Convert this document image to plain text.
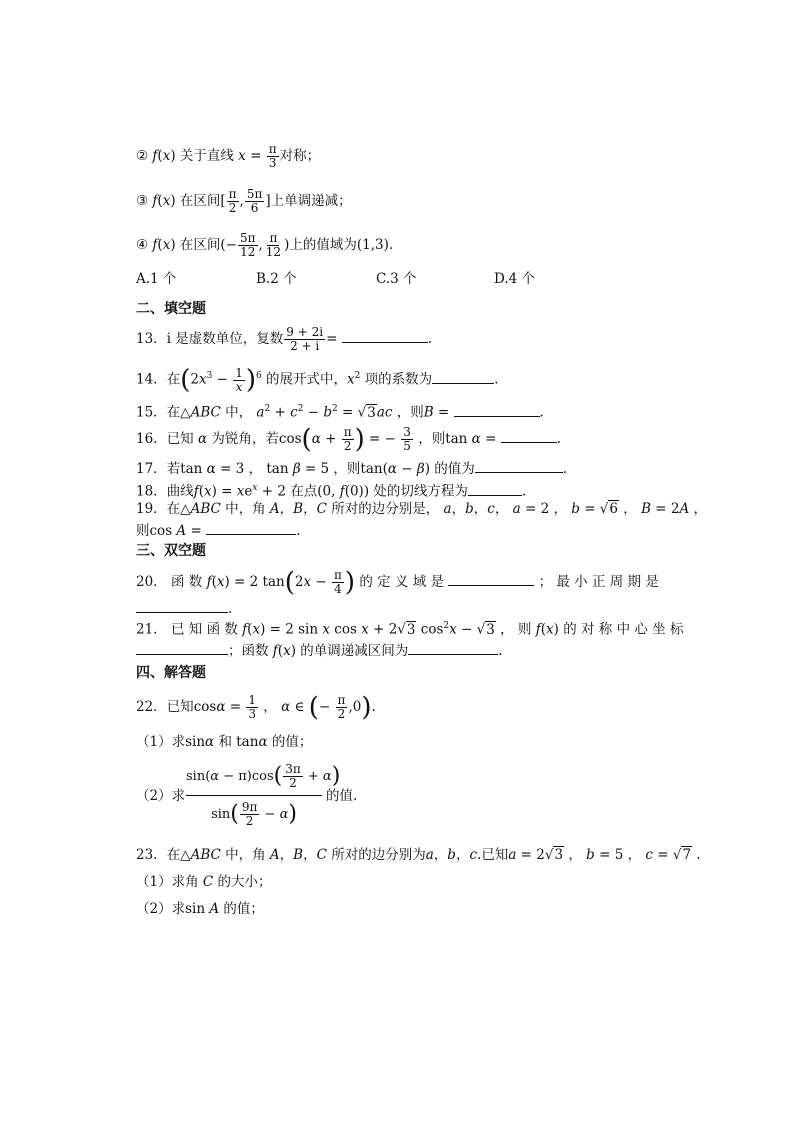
② f(x) 关于直线 $x = \frac{\pi}{3}$ 对称；
③ f(x) 在区间[ $\frac{\pi}{2}$ , $\frac{5\pi}{6}$ ]上单调递减；
④ f(x) 在区间(− $\frac{5\pi}{12}$ , $\frac{\pi}{12}$ )上的值域为(1,3).
A.1 个	B.2 个	C.3 个	D.4 个
二、填空题
13．i 是虚数单位，复数 $\frac{9 + 2i}{2 + i}$ =	.
14．在$(2x^3 - \frac{1}{x} )^6$ 的展开式中，$x^2$ 项的系数为	.
15．在△ABC 中， $a^2 + c^2 - b^2 = √3ac$ ，则B =	.
16．已知 α 为锐角，若$\cos(\alpha + \frac{\pi}{2}$ ) = − $\frac{3}{5}$ ，则tan α =	.
17．若tan α = 3 ， tan β = 5 ，则tan(α − β) 的值为	.
18．曲线$f(x) = xe^x + 2$ 在点(0, f(0)) 处的切线方程为	.
19．在△ABC 中，角 A，B，C 所对的边分别是， a，b，c， a = 2 ， b = √6 ， B = 2A ，
则cos A =	.
三、双空题
20． 函 数 f(x) = 2 $\tan(2x - \frac{\pi}{4}$ ) 的 定 义 域 是	； 最 小 正 周 期 是
.
21． 已 知 函 数 f(x) = 2 sin x cos x + 2√3 $\cos^2x - √3$ ， 则 f(x) 的 对 称 中 心 坐 标
；函数 f(x) 的单调递减区间为	.
四、解答题
22．已知$\cos\alpha = \frac{1}{3}$ ， α ∈ (− $\frac{\pi}{2} ,0$).
（1）求sinα 和 tanα 的值；
（2）求
$\sin(\alpha - \pi)\cos( \frac{3\pi}{2} + \alpha)$
$\sin( \frac{9\pi}{2} - \alpha)$
的值.
23．在△ABC 中，角 A，B，C 所对的边分别为a，b，c.已知a = 2√3 ， b = 5 ， c = √7 .
（1）求角 C 的大小；
（2）求sin A 的值；
